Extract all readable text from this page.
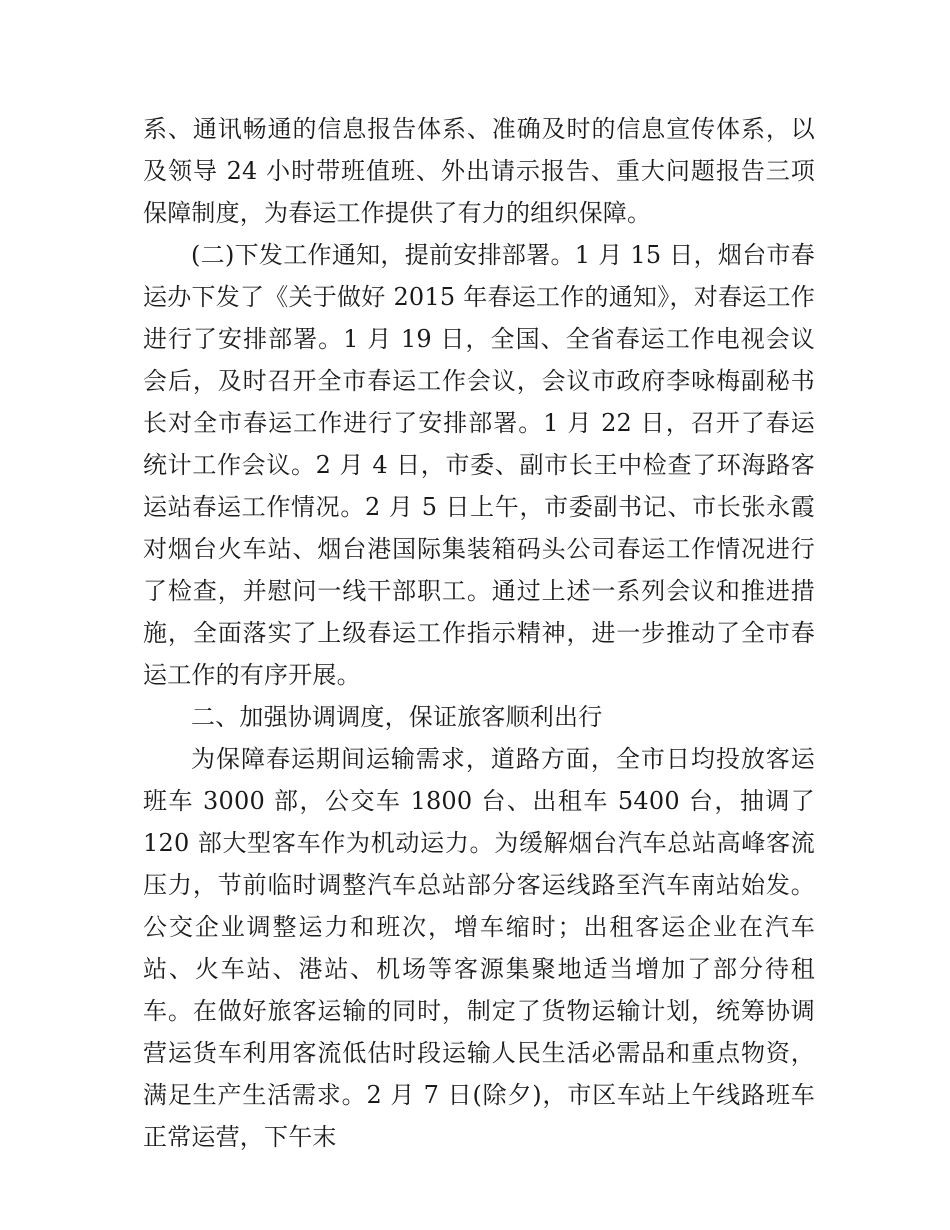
系、通讯畅通的信息报告体系、准确及时的信息宣传体系，以及领导 24 小时带班值班、外出请示报告、重大问题报告三项保障制度，为春运工作提供了有力的组织保障。

(二)下发工作通知，提前安排部署。1 月 15 日，烟台市春运办下发了《关于做好 2015 年春运工作的通知》，对春运工作进行了安排部署。1 月 19 日，全国、全省春运工作电视会议会后，及时召开全市春运工作会议，会议市政府李咏梅副秘书长对全市春运工作进行了安排部署。1 月 22 日，召开了春运统计工作会议。2 月 4 日，市委、副市长王中检查了环海路客运站春运工作情况。2 月 5 日上午，市委副书记、市长张永霞对烟台火车站、烟台港国际集装箱码头公司春运工作情况进行了检查，并慰问一线干部职工。通过上述一系列会议和推进措施，全面落实了上级春运工作指示精神，进一步推动了全市春运工作的有序开展。

二、加强协调调度，保证旅客顺利出行

为保障春运期间运输需求，道路方面，全市日均投放客运班车 3000 部，公交车 1800 台、出租车 5400 台，抽调了 120 部大型客车作为机动运力。为缓解烟台汽车总站高峰客流压力，节前临时调整汽车总站部分客运线路至汽车南站始发。公交企业调整运力和班次，增车缩时；出租客运企业在汽车站、火车站、港站、机场等客源集聚地适当增加了部分待租车。在做好旅客运输的同时，制定了货物运输计划，统筹协调营运货车利用客流低估时段运输人民生活必需品和重点物资，满足生产生活需求。2 月 7 日(除夕)，市区车站上午线路班车正常运营，下午末
